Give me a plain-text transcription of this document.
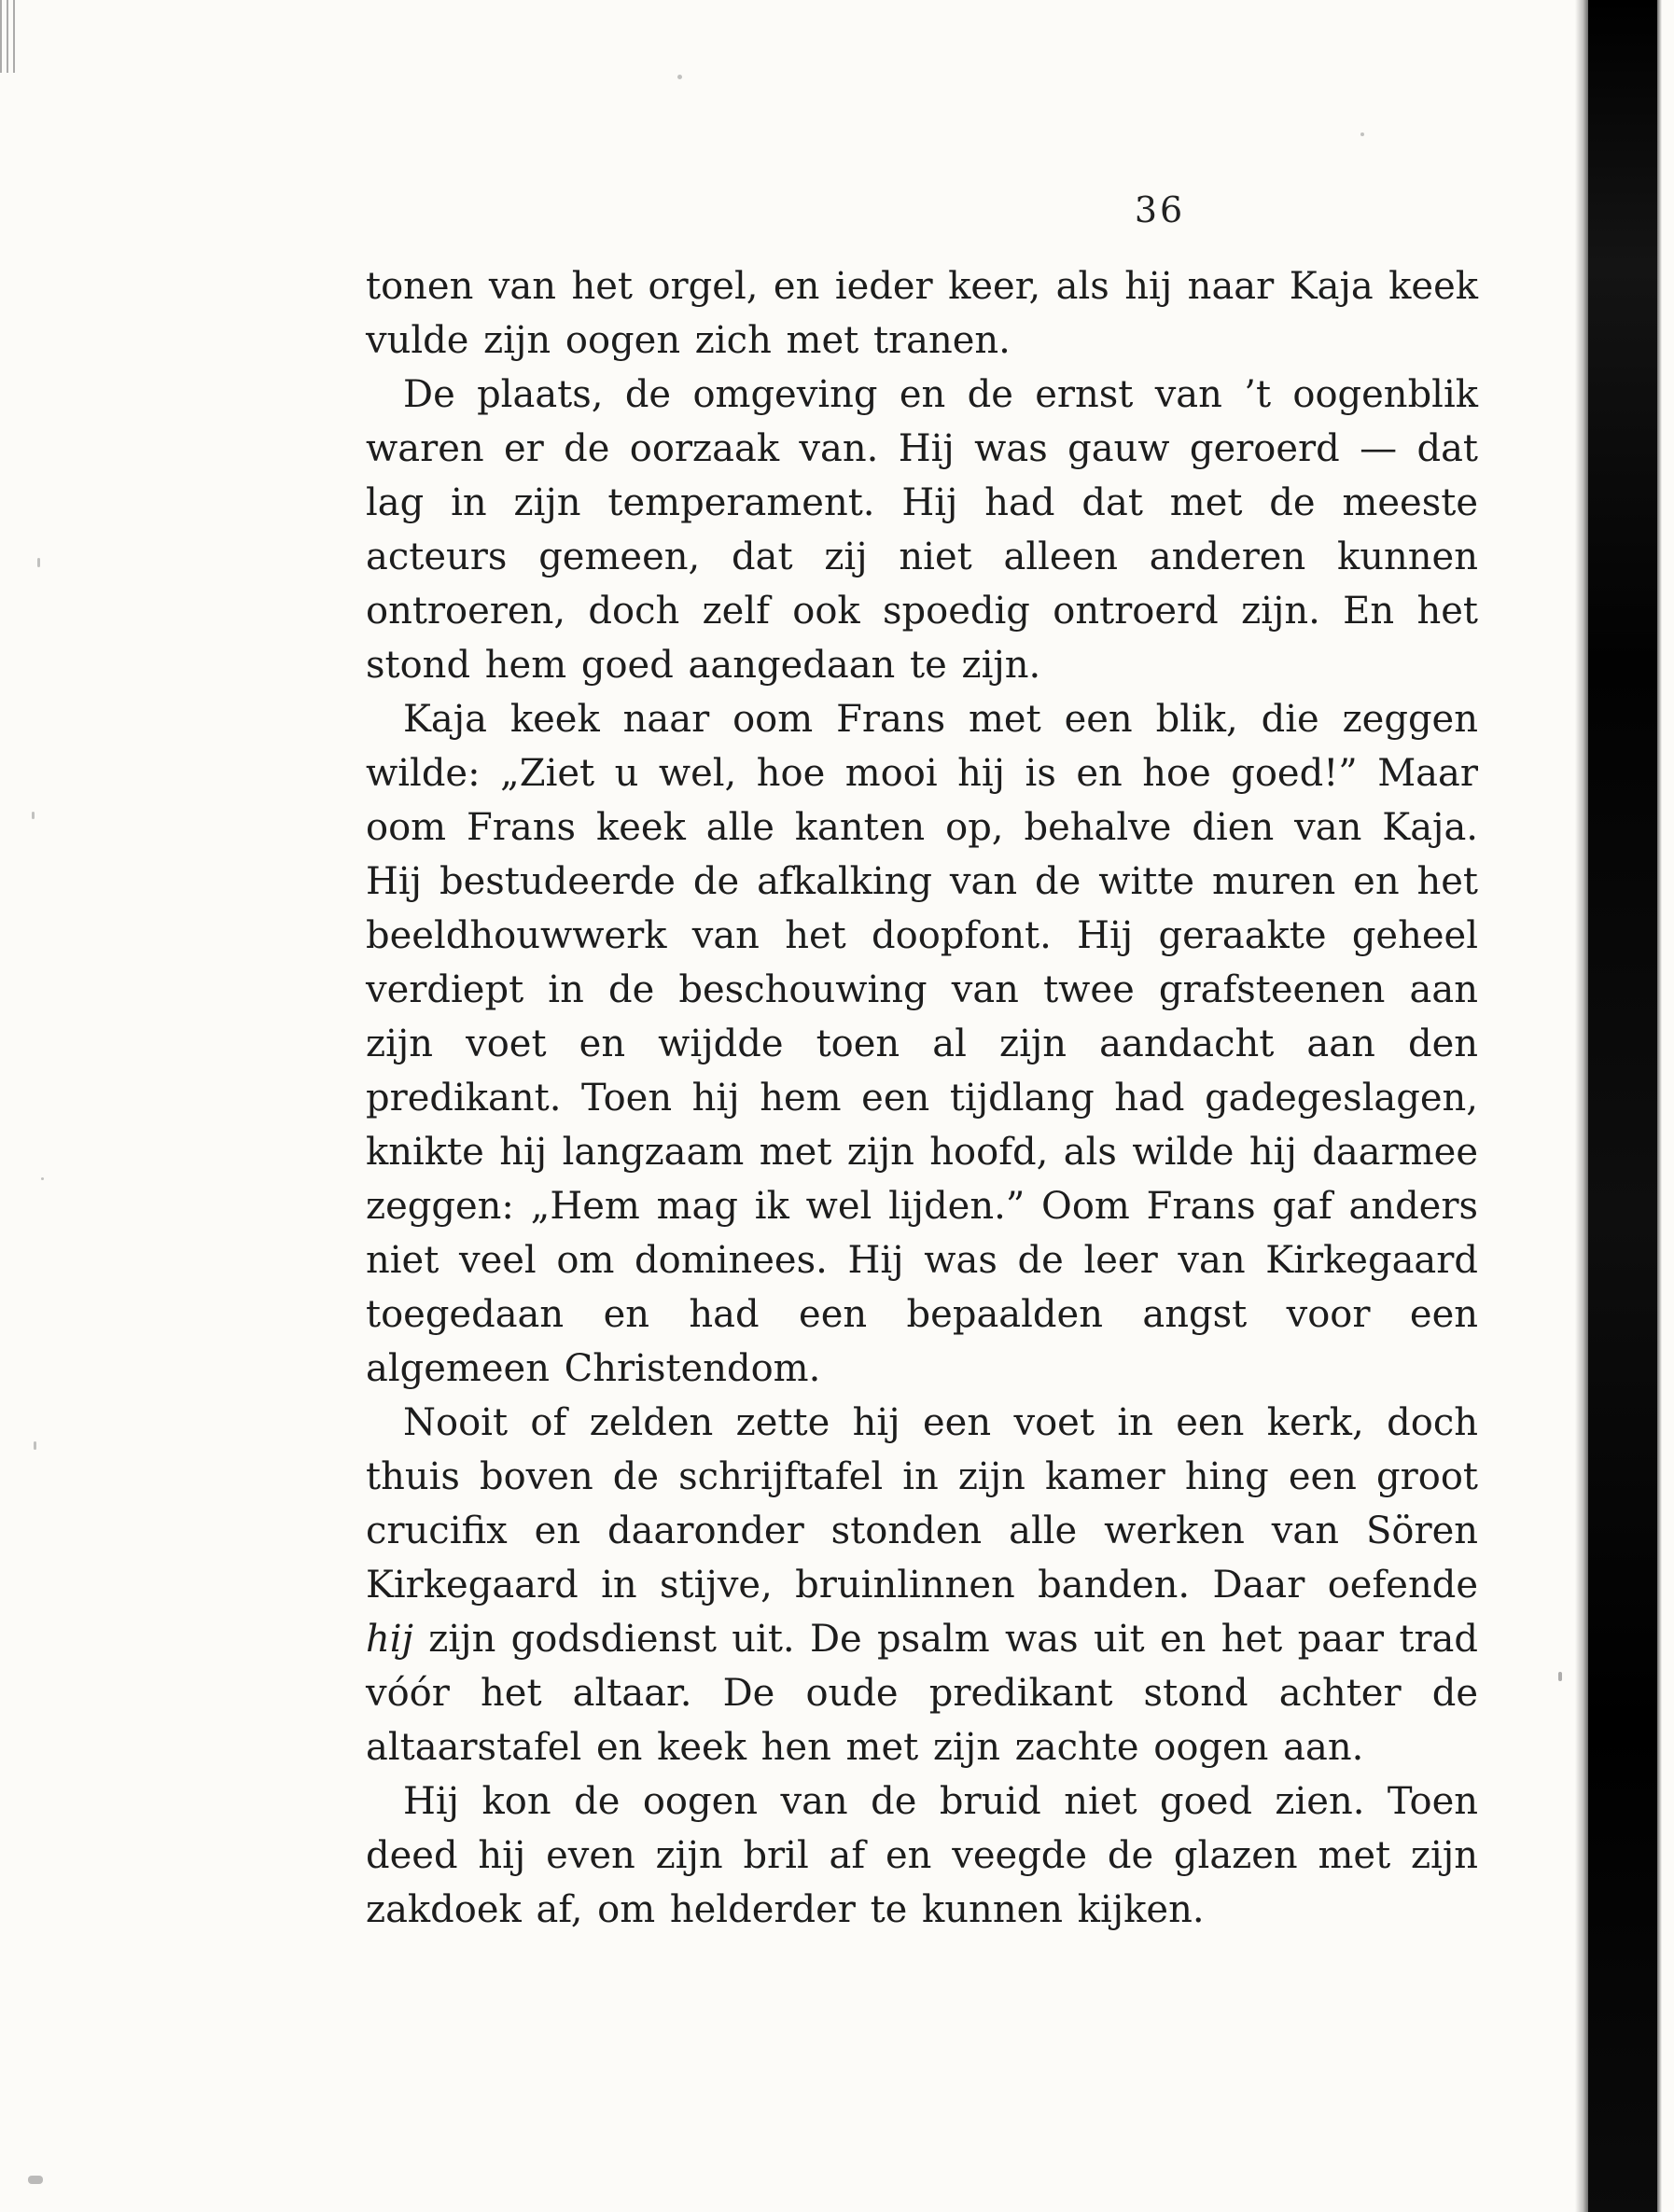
36

tonen van het orgel, en ieder keer, als hij naar Kaja keek vulde zijn oogen zich met tranen.

De plaats, de omgeving en de ernst van ’t oogenblik waren er de oorzaak van. Hij was gauw geroerd — dat lag in zijn temperament. Hij had dat met de meeste acteurs gemeen, dat zij niet alleen anderen kunnen ontroeren, doch zelf ook spoedig ontroerd zijn. En het stond hem goed aangedaan te zijn.

Kaja keek naar oom Frans met een blik, die zeggen wilde: „Ziet u wel, hoe mooi hij is en hoe goed!” Maar oom Frans keek alle kanten op, behalve dien van Kaja. Hij bestudeerde de afkalking van de witte muren en het beeldhouwwerk van het doopfont. Hij geraakte geheel verdiept in de beschouwing van twee grafsteenen aan zijn voet en wijdde toen al zijn aandacht aan den predikant. Toen hij hem een tijdlang had gadegeslagen, knikte hij langzaam met zijn hoofd, als wilde hij daarmee zeggen: „Hem mag ik wel lijden.” Oom Frans gaf anders niet veel om dominees. Hij was de leer van Kirkegaard toegedaan en had een bepaalden angst voor een algemeen Christendom.

Nooit of zelden zette hij een voet in een kerk, doch thuis boven de schrijftafel in zijn kamer hing een groot crucifix en daaronder stonden alle werken van Sören Kirkegaard in stijve, bruinlinnen banden. Daar oefende hij zijn godsdienst uit. De psalm was uit en het paar trad vóór het altaar. De oude predikant stond achter de altaarstafel en keek hen met zijn zachte oogen aan.

Hij kon de oogen van de bruid niet goed zien. Toen deed hij even zijn bril af en veegde de glazen met zijn zakdoek af, om helderder te kunnen kijken.
